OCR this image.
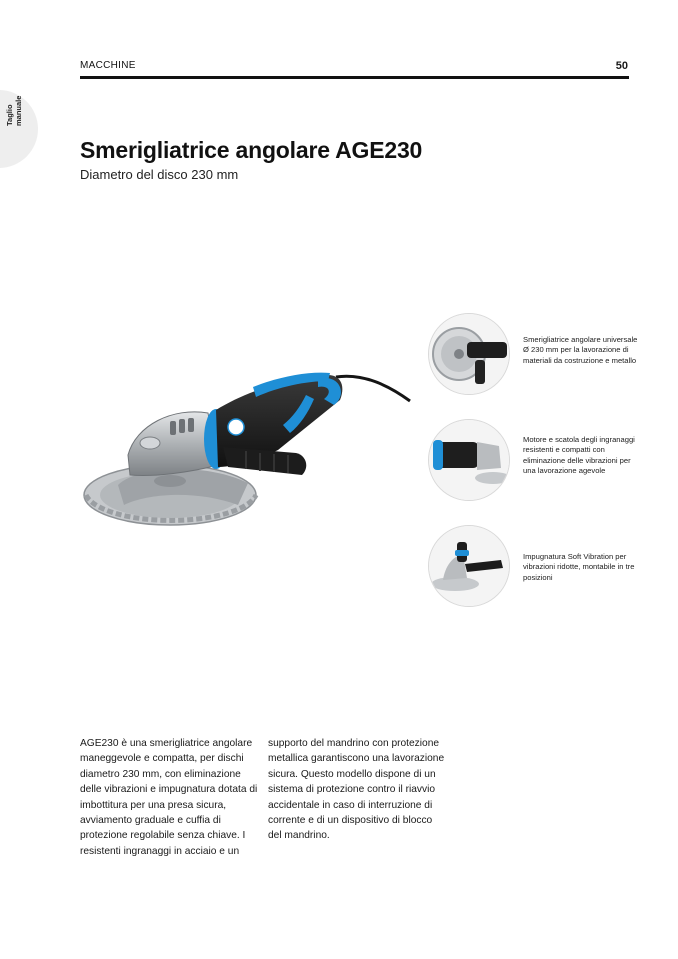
MACCHINE	50
Taglio
manuale
Smerigliatrice angolare AGE230
Diametro del disco 230 mm
Smerigliatrice angolare universale Ø 230 mm per la lavorazione di materiali da costruzione e metallo
Motore e scatola degli ingranaggi resistenti e compatti con eliminazione delle vibrazioni per una lavorazione agevole
Impugnatura Soft Vibration per vibrazioni ridotte, montabile in tre posizioni
AGE230 è una smerigliatrice angolare maneggevole e compatta, per dischi diametro 230 mm, con eliminazione delle vibrazioni e impugnatura dotata di imbottitura per una presa sicura, avviamento graduale e cuffia di protezione regolabile senza chiave. I resistenti ingranaggi in acciaio e un
supporto del mandrino con protezione metallica garantiscono una lavorazione sicura. Questo modello dispone di un sistema di protezione contro il riavvio accidentale in caso di interruzione di corrente e di un dispositivo di blocco del mandrino.
